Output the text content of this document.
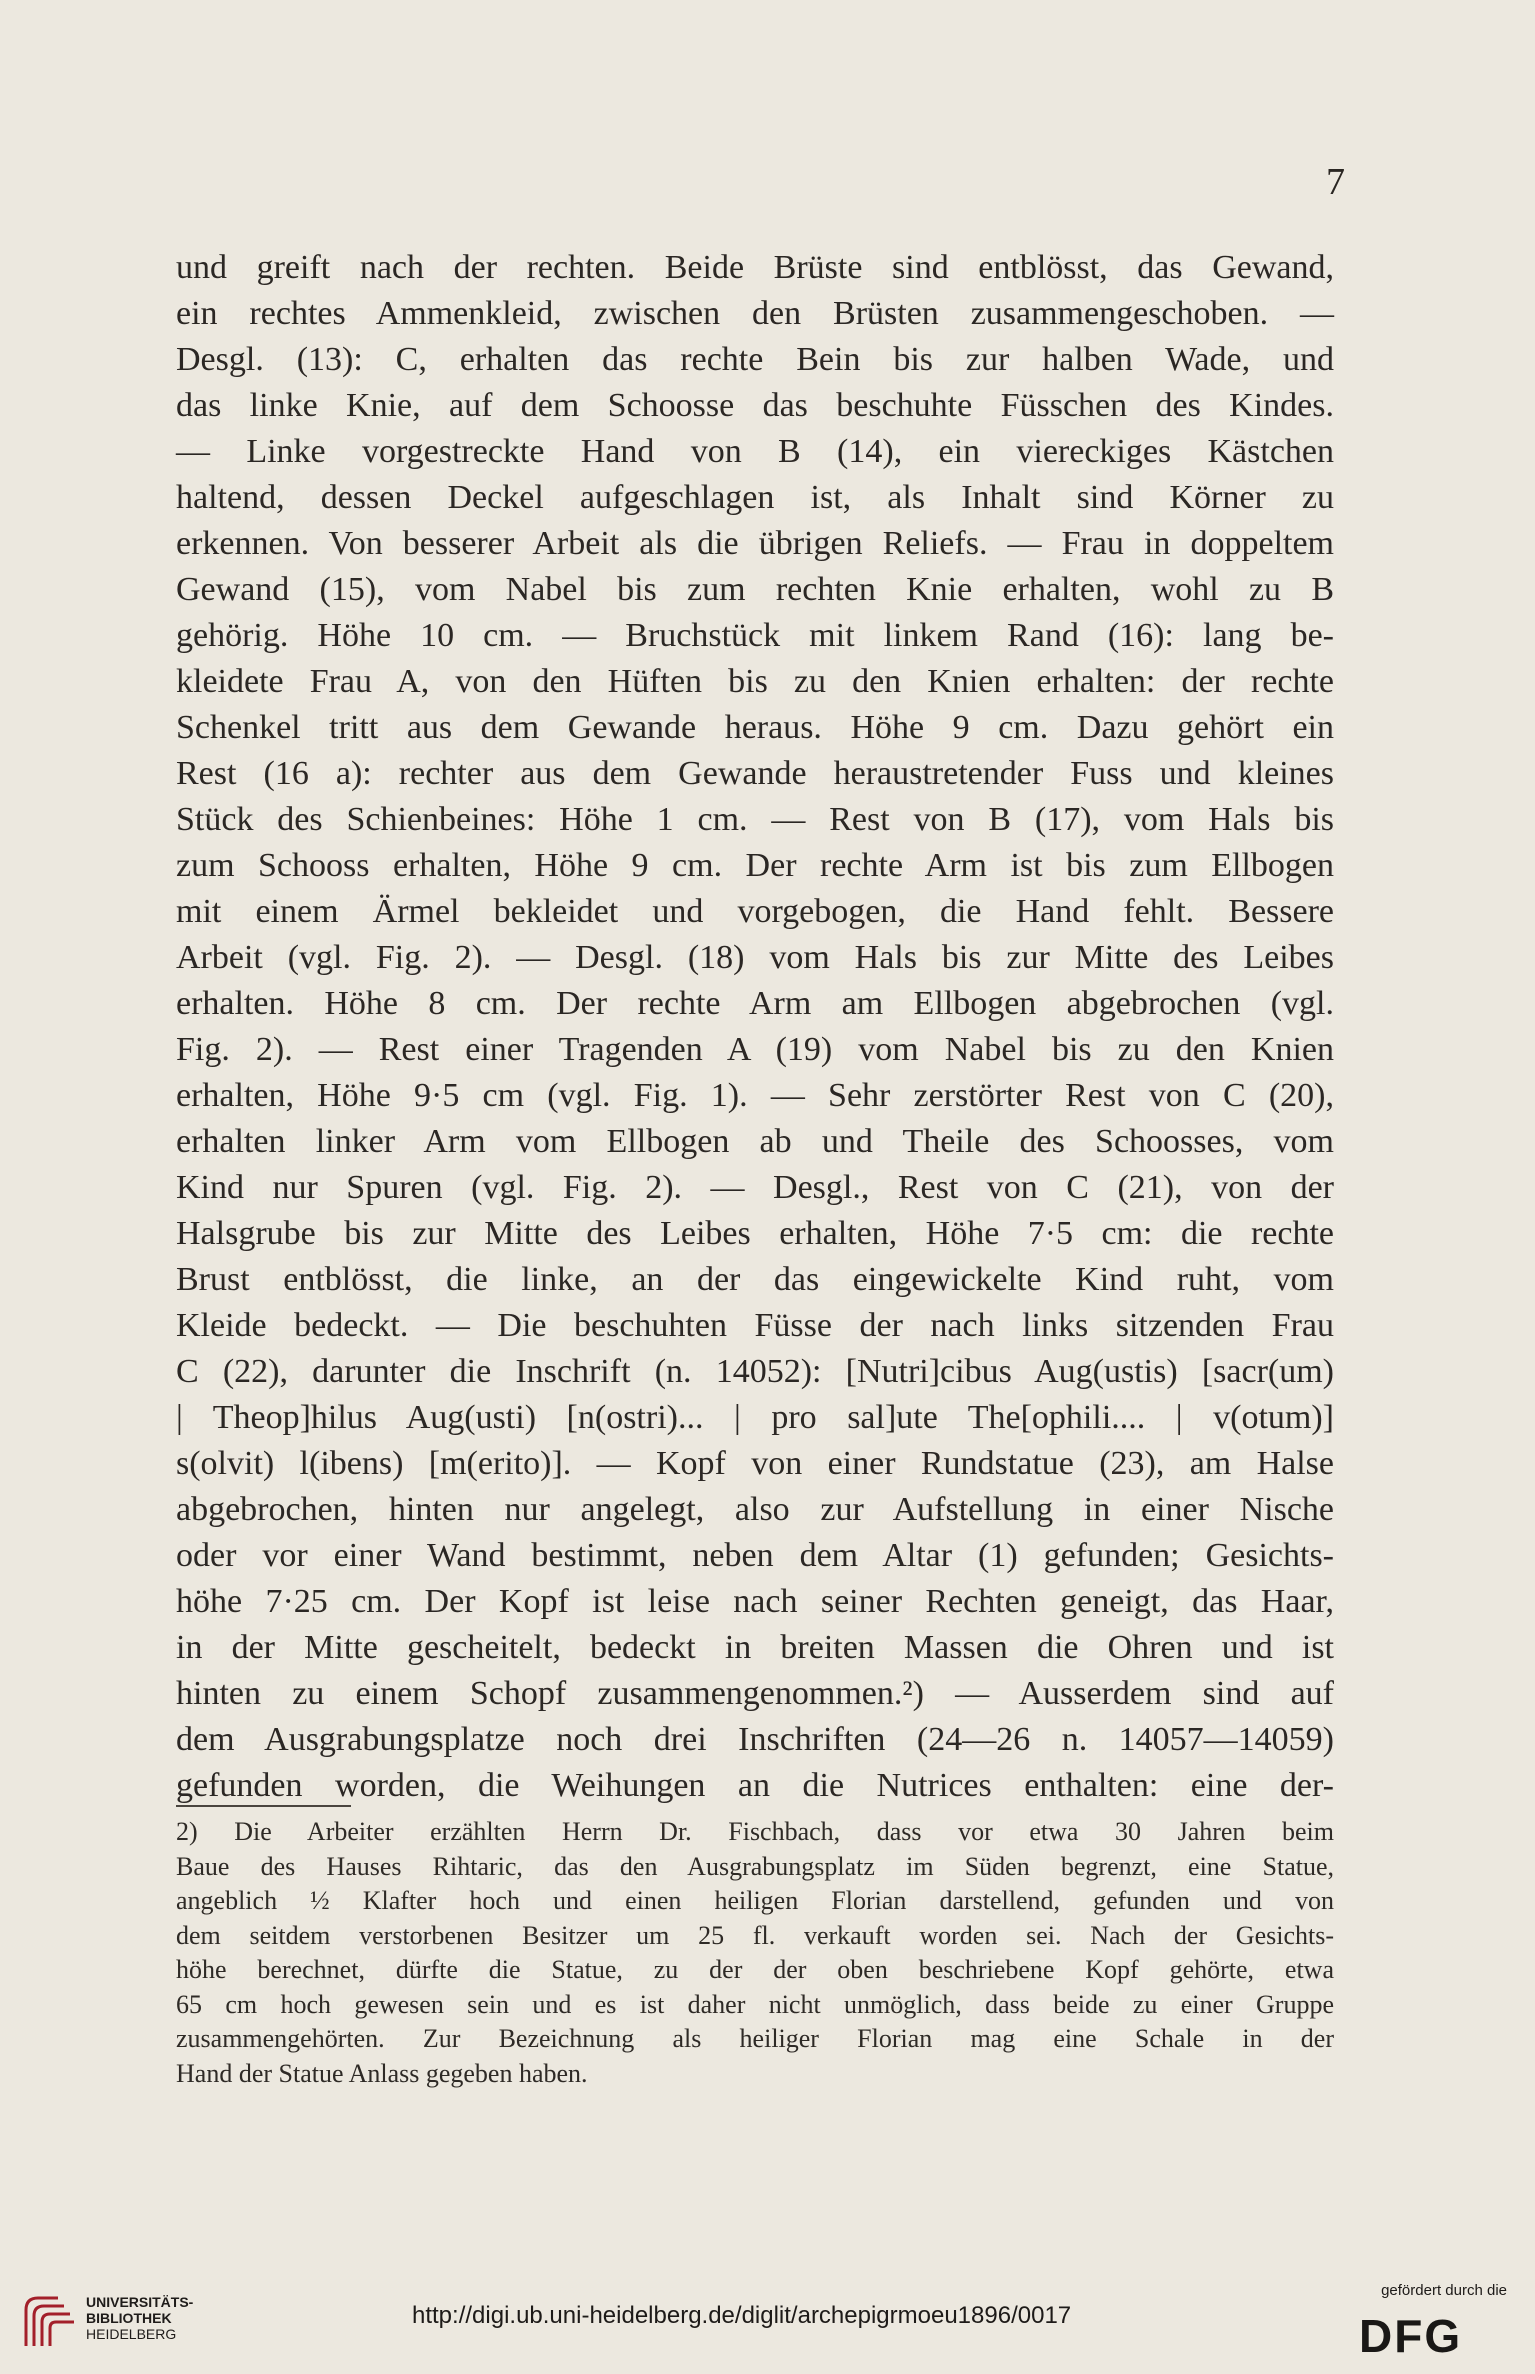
7

und greift nach der rechten. Beide Brüste sind entblösst, das Gewand,

ein rechtes Ammenkleid, zwischen den Brüsten zusammengeschoben. —

Desgl. (13): C, erhalten das rechte Bein bis zur halben Wade, und

das linke Knie, auf dem Schoosse das beschuhte Füsschen des Kindes.

— Linke vorgestreckte Hand von B (14), ein viereckiges Kästchen

haltend, dessen Deckel aufgeschlagen ist, als Inhalt sind Körner zu

erkennen. Von besserer Arbeit als die übrigen Reliefs. — Frau in doppeltem

Gewand (15), vom Nabel bis zum rechten Knie erhalten, wohl zu B

gehörig. Höhe 10 cm. — Bruchstück mit linkem Rand (16): lang be-

kleidete Frau A, von den Hüften bis zu den Knien erhalten: der rechte

Schenkel tritt aus dem Gewande heraus. Höhe 9 cm. Dazu gehört ein

Rest (16 a): rechter aus dem Gewande heraustretender Fuss und kleines

Stück des Schienbeines: Höhe 1 cm. — Rest von B (17), vom Hals bis

zum Schooss erhalten, Höhe 9 cm. Der rechte Arm ist bis zum Ellbogen

mit einem Ärmel bekleidet und vorgebogen, die Hand fehlt. Bessere

Arbeit (vgl. Fig. 2). — Desgl. (18) vom Hals bis zur Mitte des Leibes

erhalten. Höhe 8 cm. Der rechte Arm am Ellbogen abgebrochen (vgl.

Fig. 2). — Rest einer Tragenden A (19) vom Nabel bis zu den Knien

erhalten, Höhe 9·5 cm (vgl. Fig. 1). — Sehr zerstörter Rest von C (20),

erhalten linker Arm vom Ellbogen ab und Theile des Schoosses, vom

Kind nur Spuren (vgl. Fig. 2). — Desgl., Rest von C (21), von der

Halsgrube bis zur Mitte des Leibes erhalten, Höhe 7·5 cm: die rechte

Brust entblösst, die linke, an der das eingewickelte Kind ruht, vom

Kleide bedeckt. — Die beschuhten Füsse der nach links sitzenden Frau

C (22), darunter die Inschrift (n. 14052): [Nutri]cibus Aug(ustis) [sacr(um)

| Theop]hilus Aug(usti) [n(ostri)... | pro sal]ute The[ophili.... | v(otum)]

s(olvit) l(ibens) [m(erito)]. — Kopf von einer Rundstatue (23), am Halse

abgebrochen, hinten nur angelegt, also zur Aufstellung in einer Nische

oder vor einer Wand bestimmt, neben dem Altar (1) gefunden; Gesichts-

höhe 7·25 cm. Der Kopf ist leise nach seiner Rechten geneigt, das Haar,

in der Mitte gescheitelt, bedeckt in breiten Massen die Ohren und ist

hinten zu einem Schopf zusammengenommen.²) — Ausserdem sind auf

dem Ausgrabungsplatze noch drei Inschriften (24—26 n. 14057—14059)

gefunden worden, die Weihungen an die Nutrices enthalten: eine der-

2) Die Arbeiter erzählten Herrn Dr. Fischbach, dass vor etwa 30 Jahren beim

Baue des Hauses Rihtaric, das den Ausgrabungsplatz im Süden begrenzt, eine Statue,

angeblich ½ Klafter hoch und einen heiligen Florian darstellend, gefunden und von

dem seitdem verstorbenen Besitzer um 25 fl. verkauft worden sei. Nach der Gesichts-

höhe berechnet, dürfte die Statue, zu der der oben beschriebene Kopf gehörte, etwa

65 cm hoch gewesen sein und es ist daher nicht unmöglich, dass beide zu einer Gruppe

zusammengehörten. Zur Bezeichnung als heiliger Florian mag eine Schale in der

Hand der Statue Anlass gegeben haben.

UNIVERSITÄTS-
BIBLIOTHEK
HEIDELBERG
http://digi.ub.uni-heidelberg.de/diglit/archepigrmoeu1896/0017
gefördert durch die
DFG
